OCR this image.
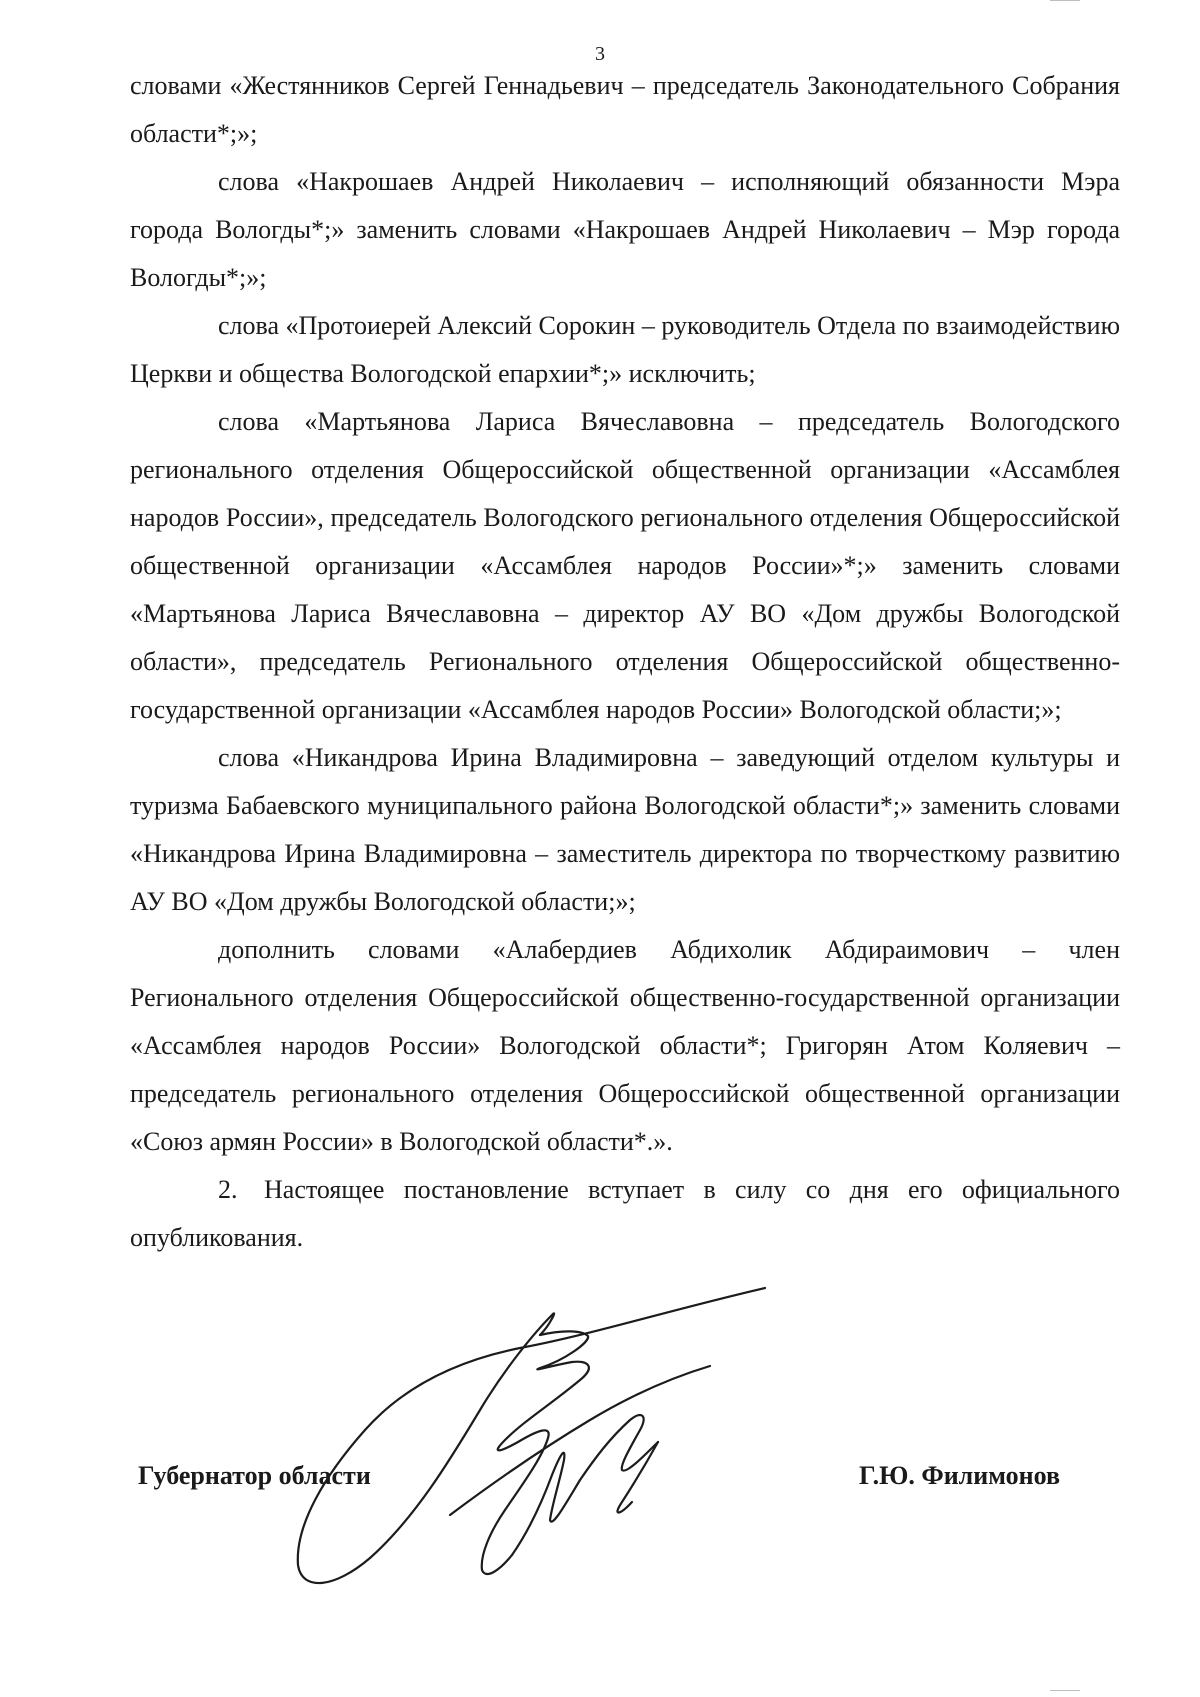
3

словами «Жестянников Сергей Геннадьевич – председатель Законодательного Собрания области*;»;

слова «Накрошаев Андрей Николаевич – исполняющий обязанности Мэра города Вологды*;» заменить словами «Накрошаев Андрей Николаевич – Мэр города Вологды*;»;

слова «Протоиерей Алексий Сорокин – руководитель Отдела по взаимодействию Церкви и общества Вологодской епархии*;» исключить;

слова «Мартьянова Лариса Вячеславовна – председатель Вологодского регионального отделения Общероссийской общественной организации «Ассамблея народов России», председатель Вологодского регионального отделения Общероссийской общественной организации «Ассамблея народов России»*;» заменить словами «Мартьянова Лариса Вячеславовна – директор АУ ВО «Дом дружбы Вологодской области», председатель Регионального отделения Общероссийской общественно-государственной организации «Ассамблея народов России» Вологодской области;»;

слова «Никандрова Ирина Владимировна – заведующий отделом культуры и туризма Бабаевского муниципального района Вологодской области*;» заменить словами «Никандрова Ирина Владимировна – заместитель директора по творчесткому развитию АУ ВО «Дом дружбы Вологодской области;»;

дополнить словами «Алабердиев Абдихолик Абдираимович – член Регионального отделения Общероссийской общественно-государственной организации «Ассамблея народов России» Вологодской области*; Григорян Атом Коляевич – председатель регионального отделения Общероссийской общественной организации «Союз армян России» в Вологодской области*.».

2. Настоящее постановление вступает в силу со дня его официального опубликования.

Губернатор области	Г.Ю. Филимонов
